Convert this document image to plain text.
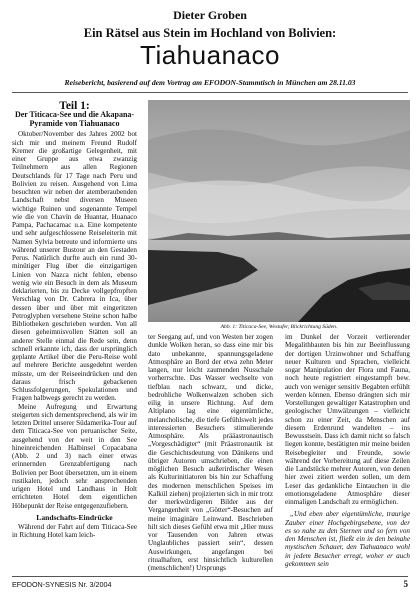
Dieter Groben
Ein Rätsel aus Stein im Hochland von Bolivien:
Tiahuanaco
Reisebericht, basierend auf dem Vortrag am EFODON-Stammtisch in München am 28.11.03
Teil 1:
Der Titicaca-See und die Akapana-Pyramide von Tiahuanaco

Oktober/November des Jahres 2002 bot sich mir und meinem Freund Rudolf Kremer die großartige Gelegenheit, mit einer Gruppe aus etwa zwanzig Teilnehmern aus allen Regionen Deutschlands für 17 Tage nach Peru und Bolivien zu reisen. Ausgehend von Lima besuchten wir neben der atemberaubenden Landschaft nebst diversen Museen wichtige Ruinen und sogenannte Tempel wie die von Chavín de Huantar, Huanaco Pampa, Pachacamac u.a. Eine kompetente und sehr aufgeschlossene Reiseleiterin mit Namen Sylvia betreute und informierte uns während unserer Bustour an den Gestaden Perus. Natürlich durfte auch ein rund 30-minütiger Flug über die einzigartigen Linien von Nazca nicht fehlen, ebenso wenig wie ein Besuch in dem als Museum deklarierten, bis zu Decke vollgepfropften Verschlag von Dr. Cabrera in Ica, über dessen über und über mit eingeritzten Petroglyphen versehene Steine schon halbe Bibliotheken geschrieben wurden. Von all diesen geheimnisvollen Stätten soll an anderer Stelle einmal die Rede sein, denn schnell erkannte ich, dass der ursprünglich geplante Artikel über die Peru-Reise wohl auf mehrere Berichte ausgedehnt werden müsste, um der Reiseeindrücken und den daraus frisch gebackenen Schlussfolgerungen, Spekulationen und Fragen halbwegs gerecht zu werden.

Meine Aufregung und Erwartung steigerten sich dementsprechend, als wir im letzten Drittel unserer Südamerika-Tour auf dem Titicaca-See von peruanischer Seite, ausgehend von der weit in den See hineinreichenden Halbinsel Copacabana (Abb. 2 und 3) nach einer etwas erinnernden Grenzabfertigung nach Bolivien per Boot übersetzten, um in einem rustikalen, jedoch sehr ansprechenden urigen Hotel und Landhaus in Holt errichteten Hotel dem eigentlichen Höhepunkt der Reise entgegenzufiebern.

Landschafts-Eindrücke

Während der Fahrt auf dem Titicaca-See in Richtung Hotel kam leich-

Abb. 1: Titicaca-See, Westufer, Blickrichtung Süden.

ter Seegang auf, und von Westen her zogen dunkle Wolken heran, so dass eine mir bis dato unbekannte, spannungsgeladene Atmosphäre an Bord der etwa zehn Meter langen, nur leicht zaumenden Nusschale vorherrschte. Das Wasser wechselte von tiefblau nach schwarz, und dicke, bedrohliche Wolkenwalzen schoben sich eilig in unsere Richtung. Auf dem Altiplano lag eine eigentümliche, melancholische, die tiefe Gefühlswelt jedes interessierten Besuchers stimulierende Atmosphäre. Als prääastronautisch „Vorgeschädigter“ (mit Präastronautik ist die Geschichtsdeutung von Dänikens und übriger Autoren umschrieben, die einen möglichen Besuch außerirdischer Wesen als Kulturinitiatoren bis hin zur Schaffung des modernen menschlichen Speises im Kalkül ziehen) projizierten sich in mir trotz der merkwürdigeren Bilder aus der Vergangenheit von „Götter“-Besuchen auf meine imaginäre Leinwand. Beschrieben hilt sich dieses Gefühl etwa mit „Hier muss vor Tausenden von Jahren etwas Unglaubliches passiert sein“, dessen Auswirkungen, angefangen bei ritualhaften, erst hinsichtlich kulturellen (menschlichen!) Ursprungs

im Dunkel der Vorzeit verlierender Megalithbauten bis hin zur Beeinflussung der dortigen Urzinwohner und Schaffung neuer Kulturen und Sprachen, vielleicht sogar Manipulation der Flora und Fauna, noch heute registriert eingestampft bew. auch von weniger sensitiv Begabten erfühlt werden können. Ebenso drängten sich mir Vorstellungen gewaltiger Katastrophen und geologischer Umwälzungen – vielleicht schon zu einer Zeit, da Menschen auf diesem Erdenrund wandelten – ins Bewusstsein. Dass ich damit nicht so falsch liegen konnte, bestätigten mir meine beiden Reisebegleiter und Freunde, sowie während der Vorbereitung auf diese Zeilen die Landstücke mehrer Autoren, von denen hier zwei zitiert werden sollen, um dem Leser das gedankliche Eintauchen in die emotionsgeladene Atmosphäre dieser einmaligen Landschaft zu ermöglichen.

„Und eben aber eigentümliche, traurige Zauber einer Hochgebirgsebene, von der es so nahe zu den Sternen und so fern von den Menschen ist, fließt ein in den beinahe mystischen Schauer, den Tiahuanaco wohl in jedem Besucher erregt, woher er auch gekommen sein

EFODON-SYNESIS Nr. 3/2004	5
